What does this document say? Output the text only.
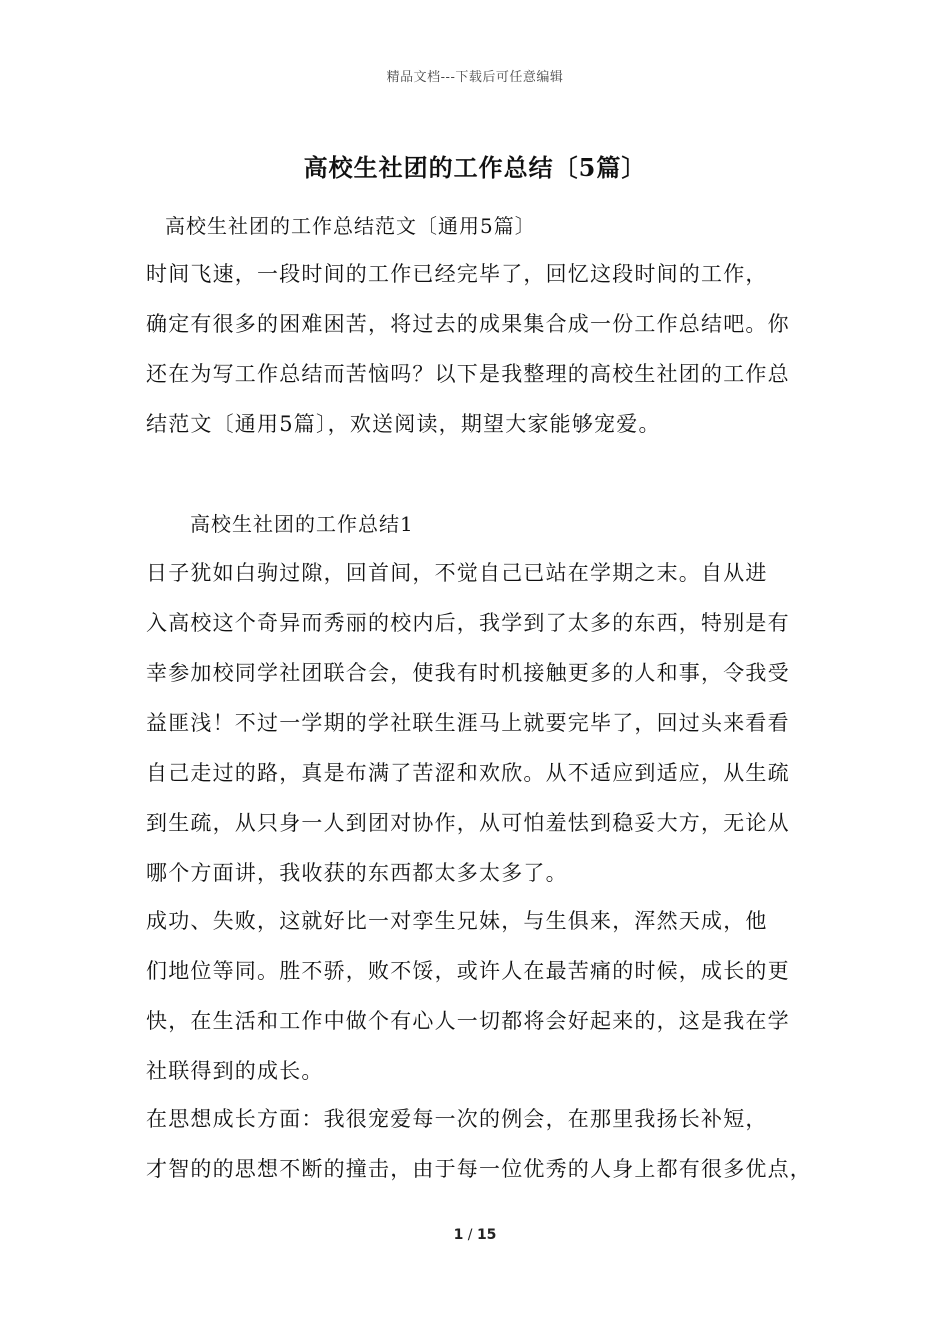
精品文档---下载后可任意编辑
高校生社团的工作总结〔5篇〕
高校生社团的工作总结范文〔通用5篇〕
时间飞速，一段时间的工作已经完毕了，回忆这段时间的工作，
确定有很多的困难困苦，将过去的成果集合成一份工作总结吧。你
还在为写工作总结而苦恼吗？以下是我整理的高校生社团的工作总
结范文〔通用5篇〕，欢送阅读，期望大家能够宠爱。
高校生社团的工作总结1
日子犹如白驹过隙，回首间，不觉自己已站在学期之末。自从进
入高校这个奇异而秀丽的校内后，我学到了太多的东西，特别是有
幸参加校同学社团联合会，使我有时机接触更多的人和事，令我受
益匪浅！不过一学期的学社联生涯马上就要完毕了，回过头来看看
自己走过的路，真是布满了苦涩和欢欣。从不适应到适应，从生疏
到生疏，从只身一人到团对协作，从可怕羞怯到稳妥大方，无论从
哪个方面讲，我收获的东西都太多太多了。
成功、失败，这就好比一对孪生兄妹，与生俱来，浑然天成，他
们地位等同。胜不骄，败不馁，或许人在最苦痛的时候，成长的更
快，在生活和工作中做个有心人一切都将会好起来的，这是我在学
社联得到的成长。
在思想成长方面：我很宠爱每一次的例会，在那里我扬长补短，
才智的的思想不断的撞击，由于每一位优秀的人身上都有很多优点，
1 / 15
